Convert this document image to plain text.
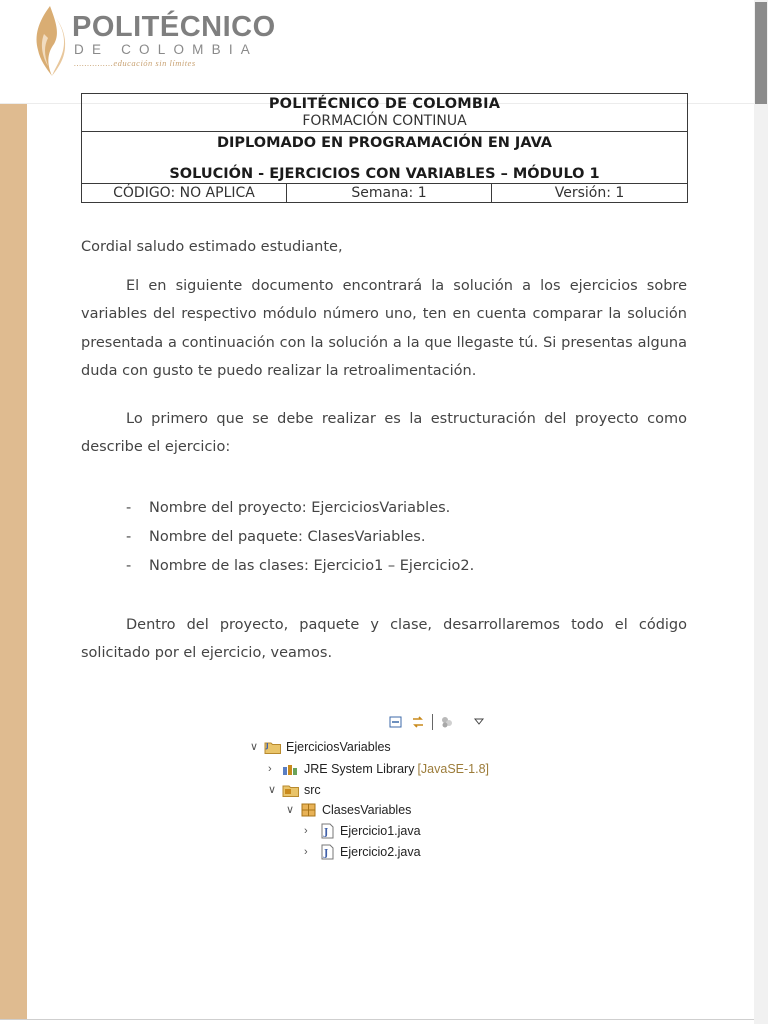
POLITÉCNICO
DE COLOMBIA
...............educación sin límites
POLITÉCNICO DE COLOMBIA
FORMACIÓN CONTINUA

DIPLOMADO EN PROGRAMACIÓN EN JAVA
SOLUCIÓN - EJERCICIOS CON VARIABLES – MÓDULO 1

CÓDIGO: NO APLICA	Semana: 1	Versión: 1

Cordial saludo estimado estudiante,

El en siguiente documento encontrará la solución a los ejercicios sobre variables del respectivo módulo número uno, ten en cuenta comparar la solución presentada a continuación con la solución a la que llegaste tú. Si presentas alguna duda con gusto te puedo realizar la retroalimentación.

Lo primero que se debe realizar es la estructuración del proyecto como describe el ejercicio:

- Nombre del proyecto: EjerciciosVariables.
- Nombre del paquete: ClasesVariables.
- Nombre de las clases: Ejercicio1 – Ejercicio2.

Dentro del proyecto, paquete y clase, desarrollaremos todo el código solicitado por el ejercicio, veamos.

∨	J EjerciciosVariables
›	JRE System Library [JavaSE-1.8]
∨	src
∨	ClasesVariables
›	J Ejercicio1.java
›	J Ejercicio2.java
